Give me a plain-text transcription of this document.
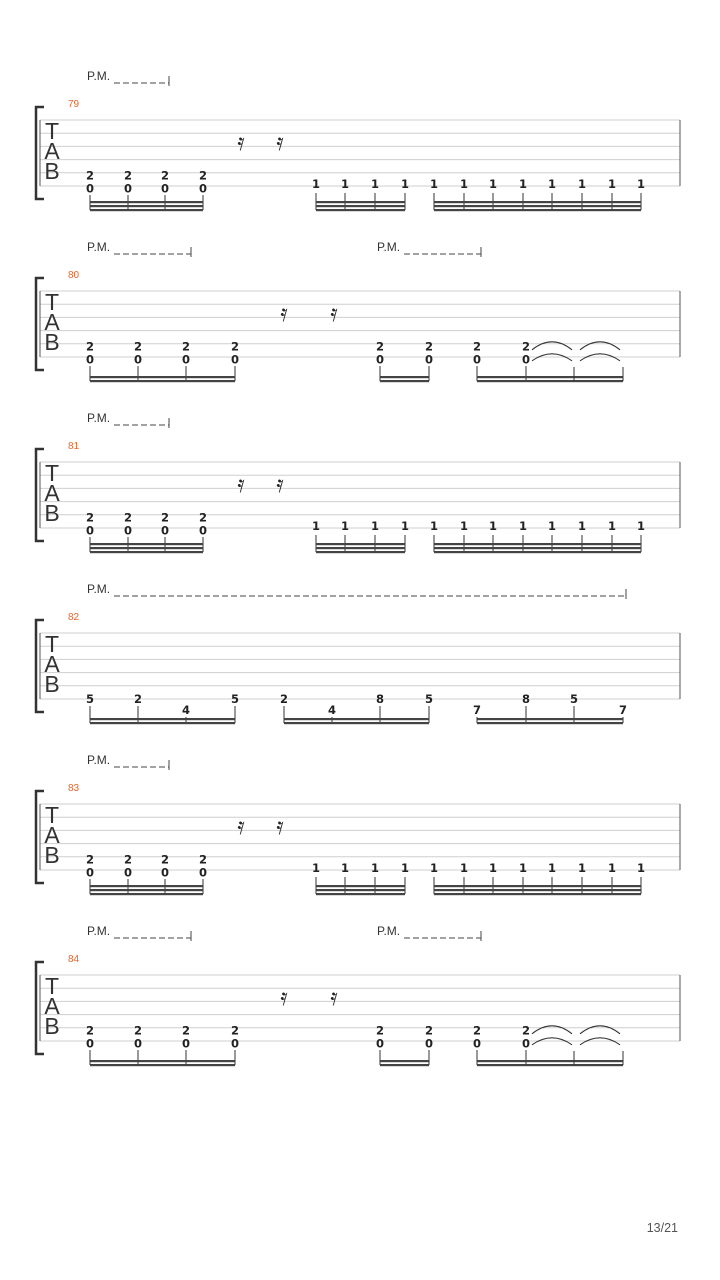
T
A
B
79
P.M.
2
0
2
0
2
0
2
0
𝄿 𝄿
1 1 1 1 1 1 1 1 1 1 1 1
T
A
B
80
P.M.	P.M.
2
0
2
0
2
0
2
0
2
0
2
0
2
0
2
0
𝄿 𝄿
T
A
B
81
P.M.
2
0
2
0
2
0
2
0
𝄿 𝄿
1 1 1 1 1 1 1 1 1 1 1 1
T
A
B
82
P.M.
5	2
4
5	2
4
8	5
7
8	5
7
T
A
B
83
P.M.
2
0
2
0
2
0
2
0
𝄿 𝄿
1 1 1 1 1 1 1 1 1 1 1 1
T
A
B
84
P.M.	P.M.
2
0
2
0
2
0
2
0
2
0
2
0
2
0
2
0
𝄿 𝄿
13/21
